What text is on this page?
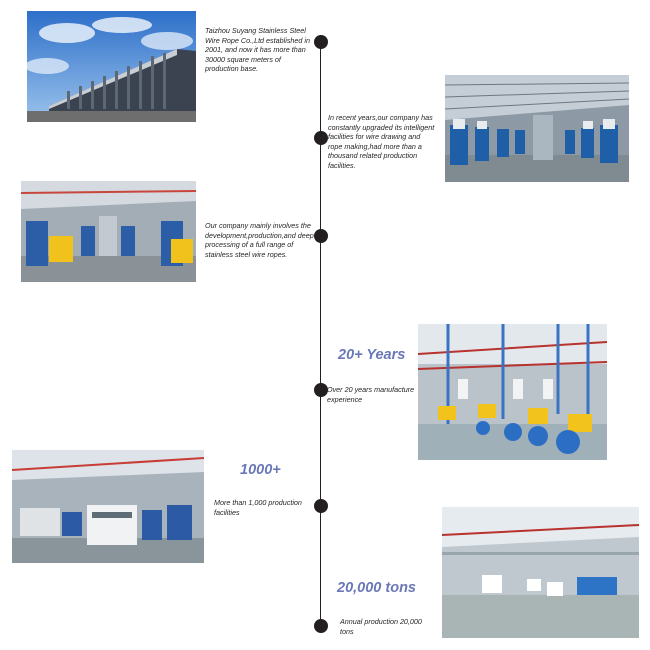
Taizhou Suyang Stainless Steel Wire Rope Co.,Ltd established in 2001, and now it has more than 30000 square meters of production base.

In recent years,our company has constantly upgraded its intelligent facilities for wire drawing and rope making,had more than a thousand related production facilities.

Our company mainly involves the development,production,and deep processing of a full range of stainless steel wire ropes.

20+ Years

Over 20 years manufacture experience

1000+

More than 1,000 production facilities

20,000 tons

Annual production 20,000 tons
